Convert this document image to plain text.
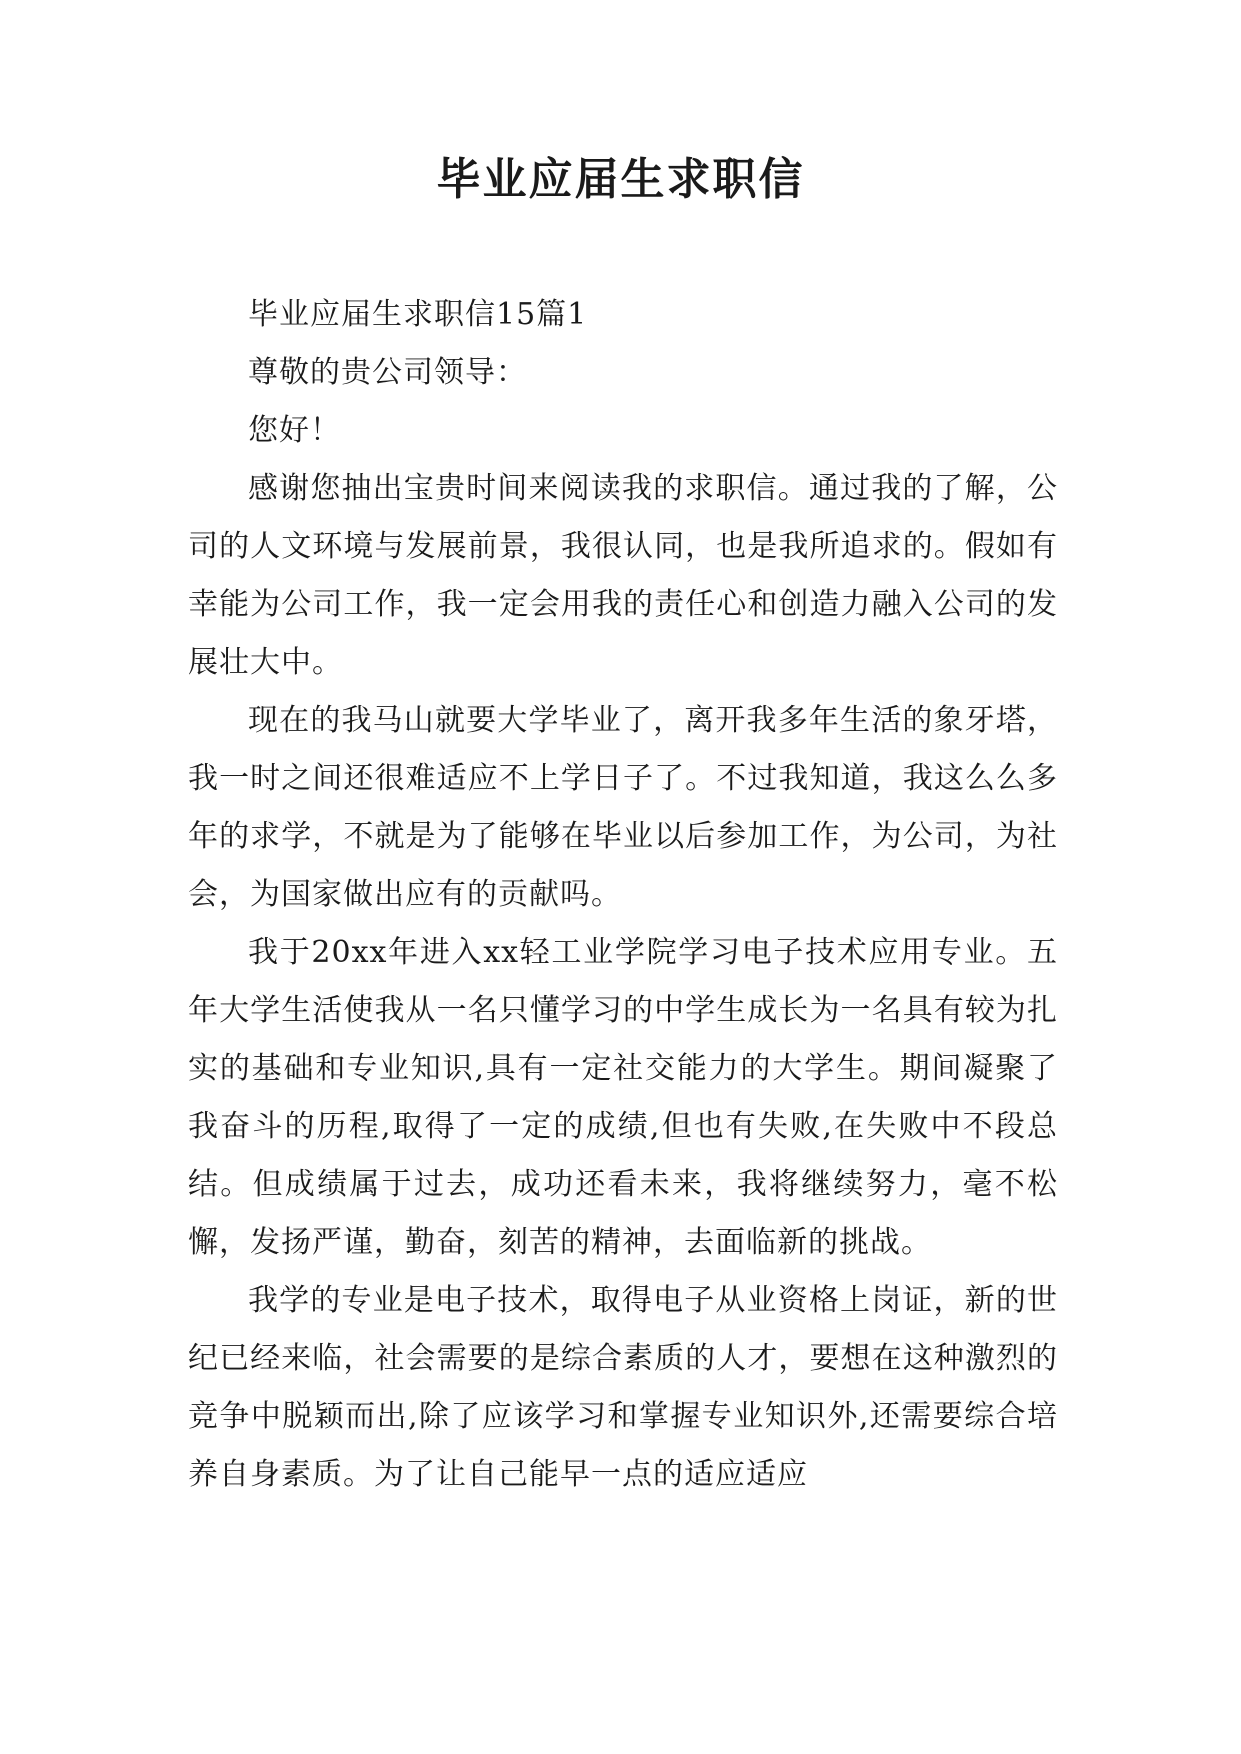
毕业应届生求职信

毕业应届生求职信15篇1

尊敬的贵公司领导：

您好！

感谢您抽出宝贵时间来阅读我的求职信。通过我的了解，公司的人文环境与发展前景，我很认同，也是我所追求的。假如有幸能为公司工作，我一定会用我的责任心和创造力融入公司的发展壮大中。

现在的我马山就要大学毕业了，离开我多年生活的象牙塔，我一时之间还很难适应不上学日子了。不过我知道，我这么么多年的求学，不就是为了能够在毕业以后参加工作，为公司，为社会，为国家做出应有的贡献吗。

我于20xx年进入xx轻工业学院学习电子技术应用专业。五年大学生活使我从一名只懂学习的中学生成长为一名具有较为扎实的基础和专业知识,具有一定社交能力的大学生。期间凝聚了我奋斗的历程,取得了一定的成绩,但也有失败,在失败中不段总结。但成绩属于过去，成功还看未来，我将继续努力，毫不松懈，发扬严谨，勤奋，刻苦的精神，去面临新的挑战。

我学的专业是电子技术，取得电子从业资格上岗证，新的世纪已经来临，社会需要的是综合素质的人才，要想在这种激烈的竞争中脱颖而出,除了应该学习和掌握专业知识外,还需要综合培养自身素质。为了让自己能早一点的适应适应
